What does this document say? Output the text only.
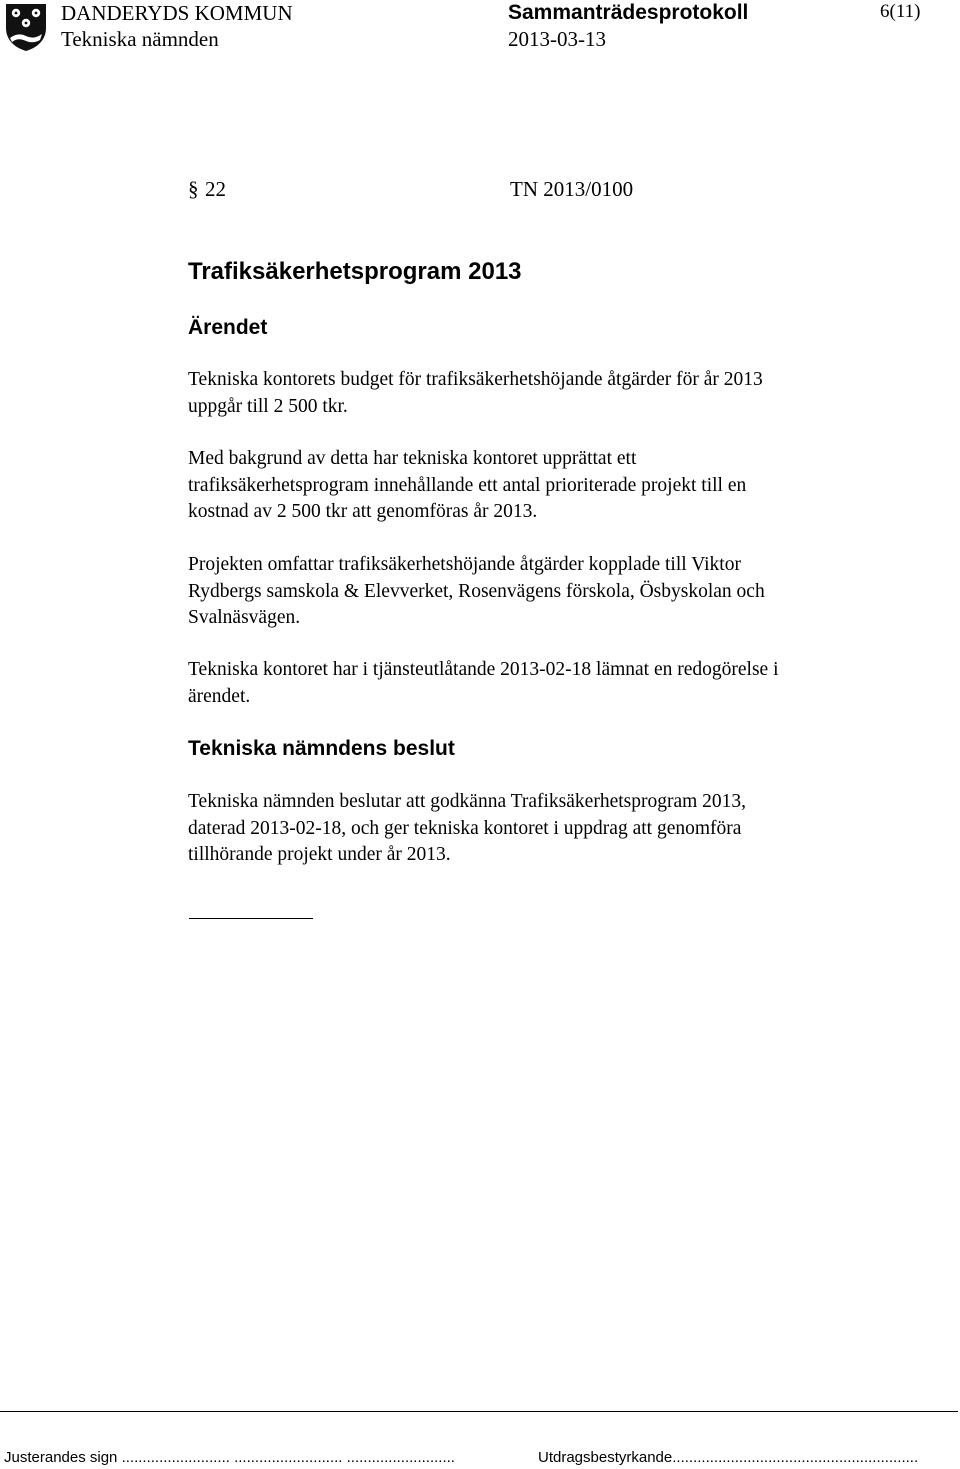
DANDERYDS KOMMUN
Tekniska nämnden
Sammanträdesprotokoll
2013-03-13
6(11)
§ 22	TN 2013/0100
Trafiksäkerhetsprogram 2013
Ärendet
Tekniska kontorets budget för trafiksäkerhetshöjande åtgärder för år 2013
uppgår till 2 500 tkr.
Med bakgrund av detta har tekniska kontoret upprättat ett
trafiksäkerhetsprogram innehållande ett antal prioriterade projekt till en
kostnad av 2 500 tkr att genomföras år 2013.
Projekten omfattar trafiksäkerhetshöjande åtgärder kopplade till Viktor
Rydbergs samskola & Elevverket, Rosenvägens förskola, Ösbyskolan och
Svalnäsvägen.
Tekniska kontoret har i tjänsteutlåtande 2013-02-18 lämnat en redogörelse i
ärendet.
Tekniska nämndens beslut
Tekniska nämnden beslutar att godkänna Trafiksäkerhetsprogram 2013,
daterad 2013-02-18, och ger tekniska kontoret i uppdrag att genomföra
tillhörande projekt under år 2013.
Justerandes sign .......................... .......................... ..........................	Utdragsbestyrkande...........................................................
